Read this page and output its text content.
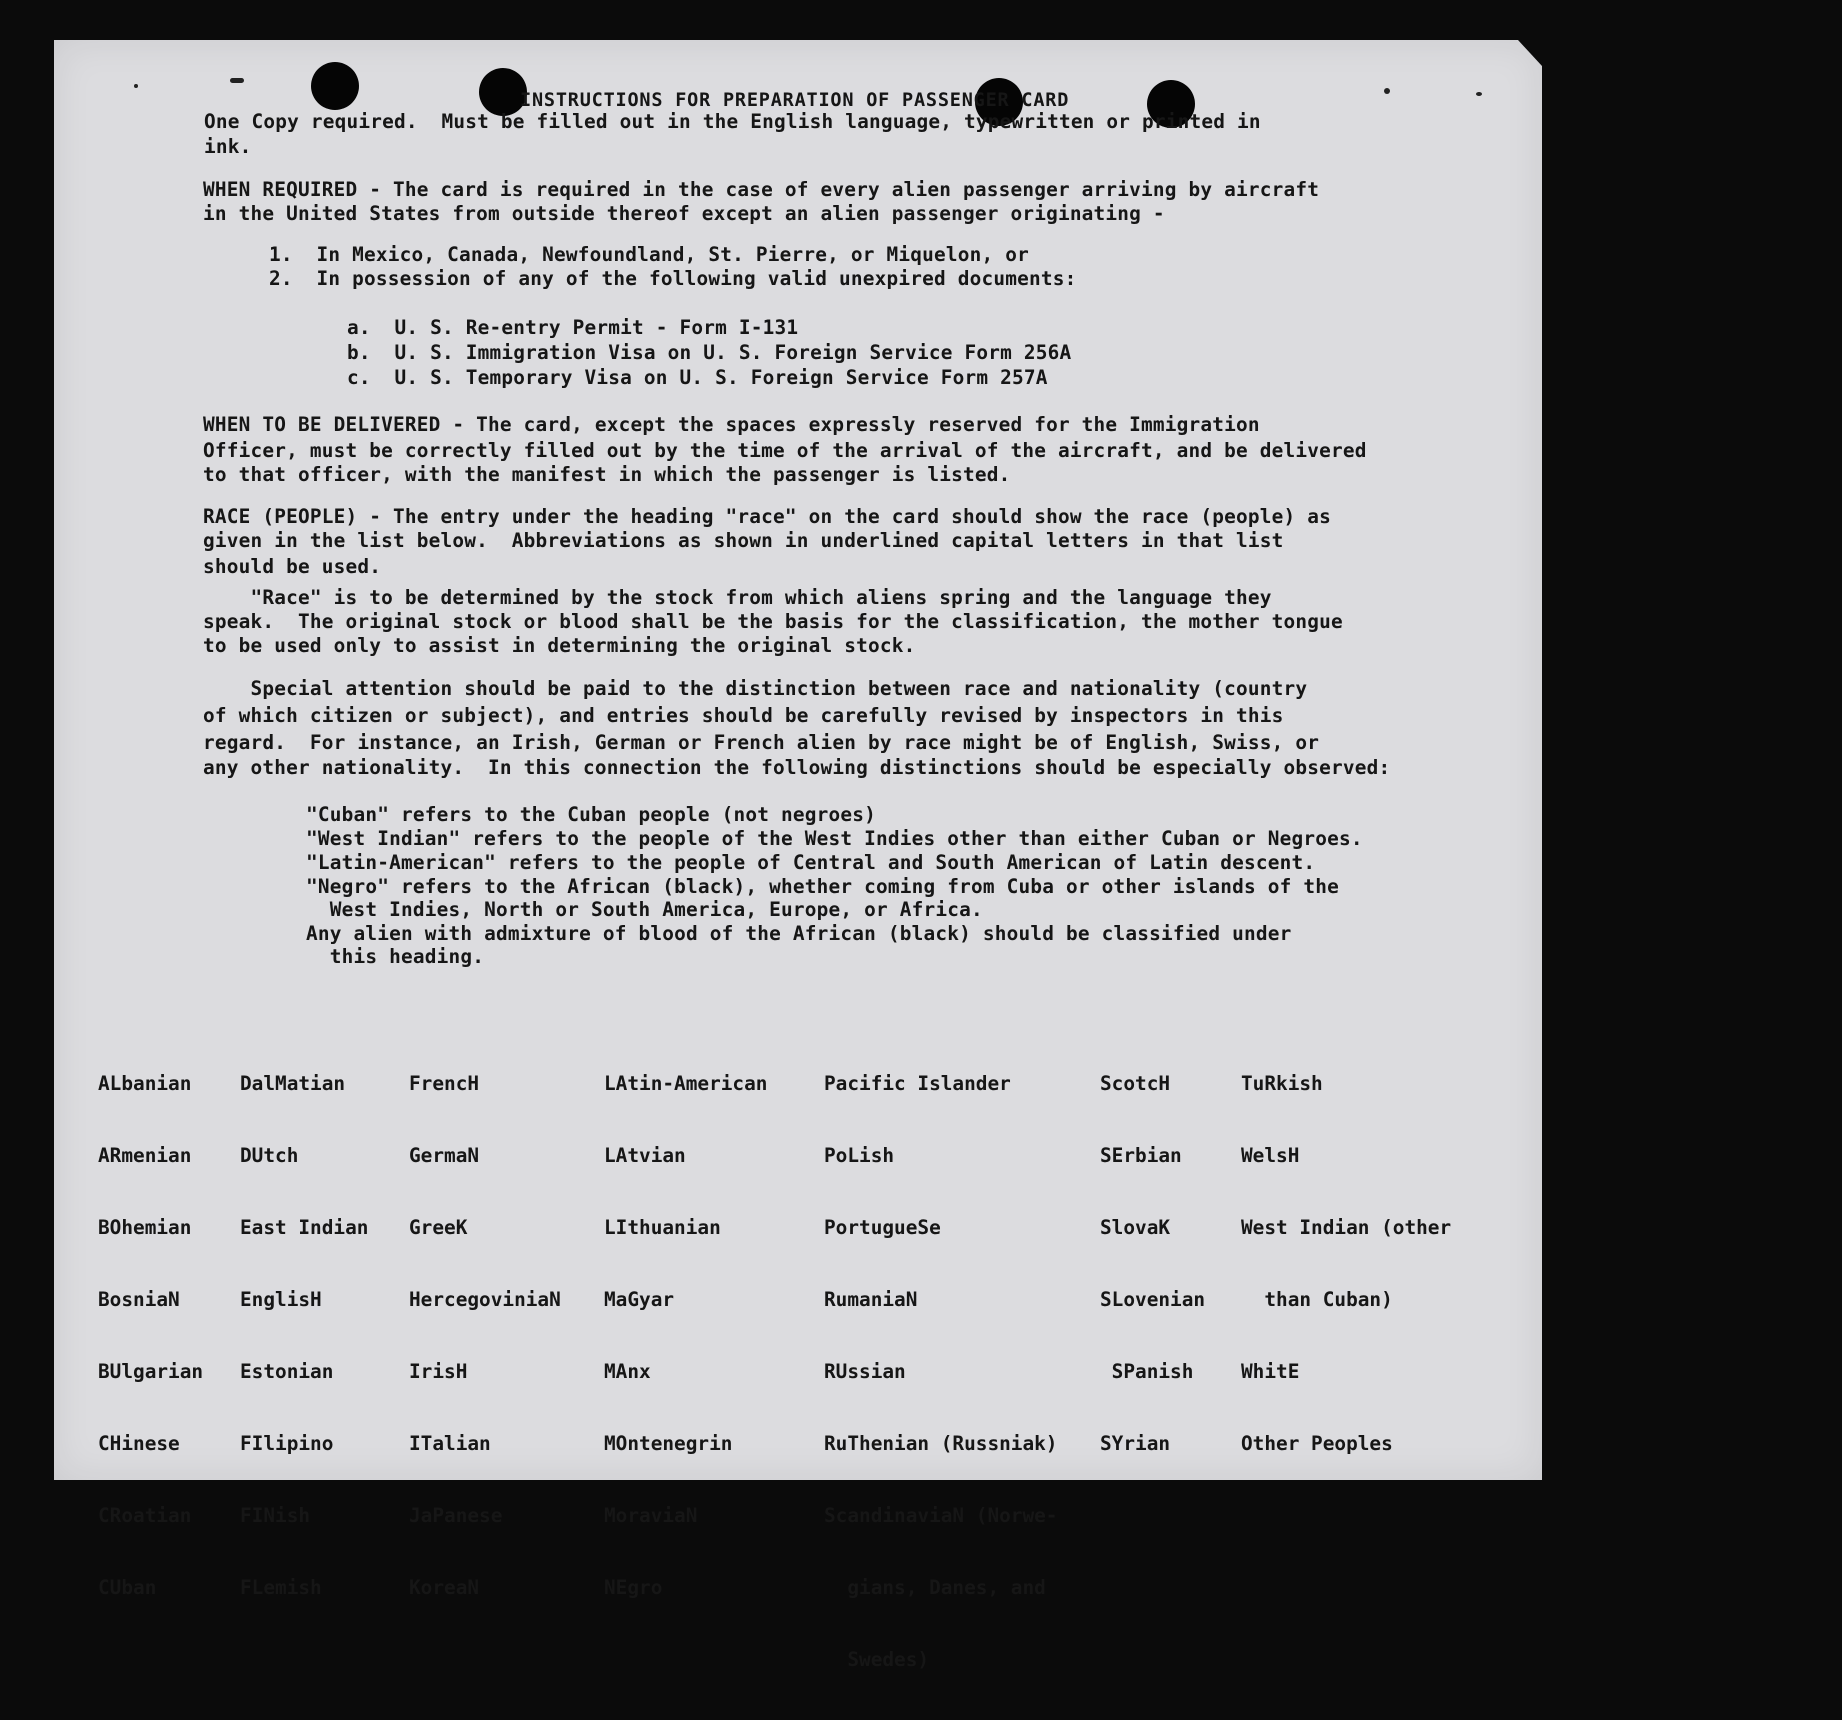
INSTRUCTIONS FOR PREPARATION OF PASSENGER CARD
One Copy required.  Must be filled out in the English language, typewritten or printed in
ink.
WHEN REQUIRED - The card is required in the case of every alien passenger arriving by aircraft
in the United States from outside thereof except an alien passenger originating -
1.  In Mexico, Canada, Newfoundland, St. Pierre, or Miquelon, or
2.  In possession of any of the following valid unexpired documents:
a.  U. S. Re-entry Permit - Form I-131
b.  U. S. Immigration Visa on U. S. Foreign Service Form 256A
c.  U. S. Temporary Visa on U. S. Foreign Service Form 257A
WHEN TO BE DELIVERED - The card, except the spaces expressly reserved for the Immigration
Officer, must be correctly filled out by the time of the arrival of the aircraft, and be delivered
to that officer, with the manifest in which the passenger is listed.
RACE (PEOPLE) - The entry under the heading "race" on the card should show the race (people) as
given in the list below.  Abbreviations as shown in underlined capital letters in that list
should be used.
"Race" is to be determined by the stock from which aliens spring and the language they
speak.  The original stock or blood shall be the basis for the classification, the mother tongue
to be used only to assist in determining the original stock.
Special attention should be paid to the distinction between race and nationality (country
of which citizen or subject), and entries should be carefully revised by inspectors in this
regard.  For instance, an Irish, German or French alien by race might be of English, Swiss, or
any other nationality.  In this connection the following distinctions should be especially observed:
"Cuban" refers to the Cuban people (not negroes)
"West Indian" refers to the people of the West Indies other than either Cuban or Negroes.
"Latin-American" refers to the people of Central and South American of Latin descent.
"Negro" refers to the African (black), whether coming from Cuba or other islands of the
West Indies, North or South America, Europe, or Africa.
Any alien with admixture of blood of the African (black) should be classified under
this heading.

ALbanian

ARmenian

BOhemian

BosniaN

BUlgarian

CHinese

CRoatian

CUban

DalMatian

DUtch

East Indian

EnglisH

Estonian

FIlipino

FINish

FLemish

FrencH

GermaN

GreeK

HercegoviniaN

IrisH

ITalian

JaPanese

KoreaN

LAtin-American

LAtvian

LIthuanian

MaGyar

MAnx

MOntenegrin

MoraviaN

NEgro

Pacific Islander

PoLish

PortugueSe

RumaniaN

RUssian

RuThenian (Russniak)

ScandinaviaN (Norwe-

gians, Danes, and

Swedes)

ScotcH

SErbian

SlovaK

SLovenian

SPanish

SYrian

TuRkish

WelsH

West Indian (other

than Cuban)

WhitE

Other Peoples
